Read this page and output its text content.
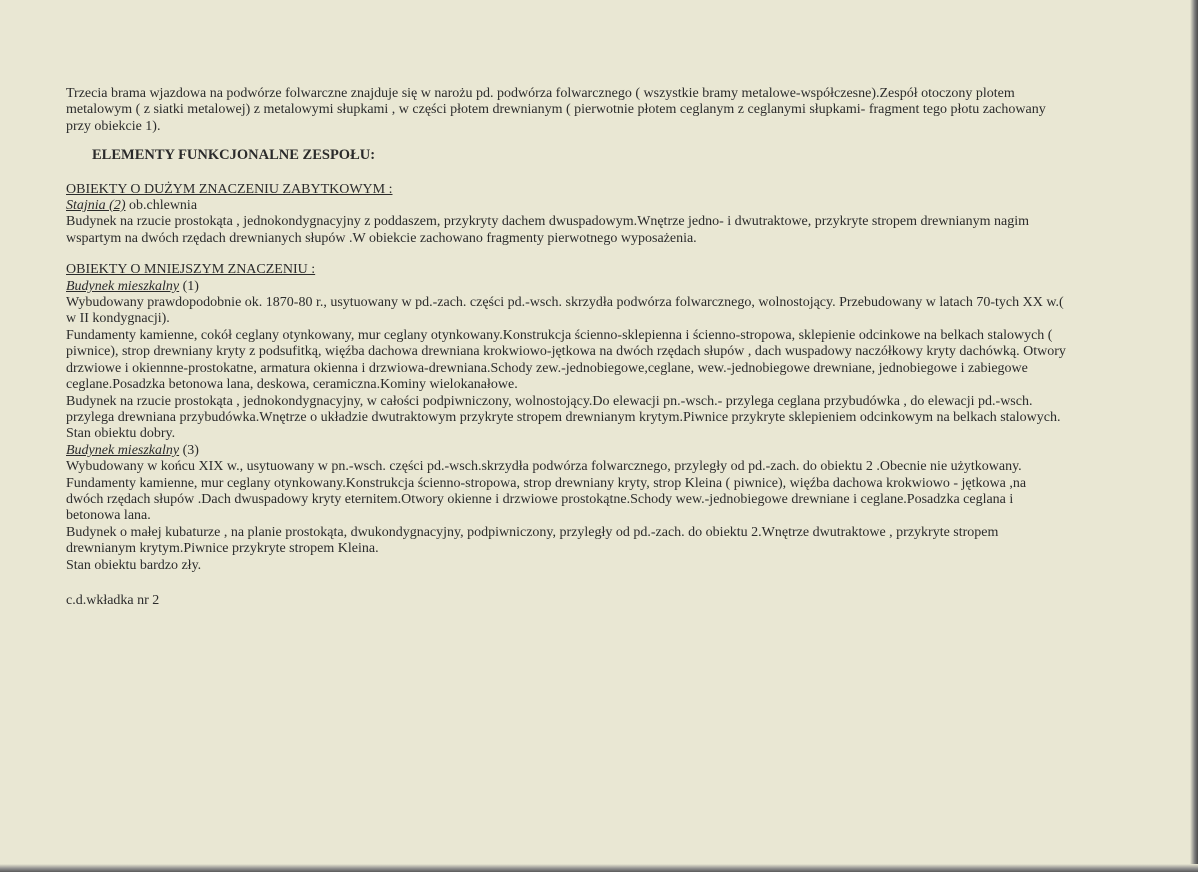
Trzecia brama wjazdowa na podwórze folwarczne znajduje się w narożu pd. podwórza folwarcznego ( wszystkie bramy metalowe-współczesne).Zespół otoczony plotem metalowym ( z siatki metalowej) z metalowymi słupkami , w części płotem drewnianym ( pierwotnie płotem ceglanym z ceglanymi słupkami- fragment tego płotu zachowany przy obiekcie 1).

ELEMENTY FUNKCJONALNE ZESPOŁU:

OBIEKTY O DUŻYM ZNACZENIU ZABYTKOWYM :

Stajnia (2) ob.chlewnia

Budynek na rzucie prostokąta , jednokondygnacyjny z poddaszem, przykryty dachem dwuspadowym.Wnętrze jedno- i dwutraktowe, przykryte stropem drewnianym nagim wspartym na dwóch rzędach drewnianych słupów .W obiekcie zachowano fragmenty pierwotnego wyposażenia.

OBIEKTY O MNIEJSZYM ZNACZENIU :

Budynek mieszkalny (1)

Wybudowany prawdopodobnie ok. 1870-80 r., usytuowany w pd.-zach. części pd.-wsch. skrzydła podwórza folwarcznego, wolnostojący. Przebudowany w latach 70-tych XX w.( w II kondygnacji).

Fundamenty kamienne, cokół ceglany otynkowany, mur ceglany otynkowany.Konstrukcja ścienno-sklepienna i ścienno-stropowa, sklepienie odcinkowe na belkach stalowych ( piwnice), strop drewniany kryty z podsufitką, więźba dachowa drewniana krokwiowo-jętkowa na dwóch rzędach słupów , dach wuspadowy naczółkowy kryty dachówką. Otwory drzwiowe i okiennne-prostokatne, armatura okienna i drzwiowa-drewniana.Schody zew.-jednobiegowe,ceglane, wew.-jednobiegowe drewniane, jednobiegowe i zabiegowe ceglane.Posadzka betonowa lana, deskowa, ceramiczna.Kominy wielokanałowe.

Budynek na rzucie prostokąta , jednokondygnacyjny, w całości podpiwniczony, wolnostojący.Do elewacji pn.-wsch.- przylega ceglana przybudówka , do elewacji pd.-wsch. przylega drewniana przybudówka.Wnętrze o układzie dwutraktowym przykryte stropem drewnianym krytym.Piwnice przykryte sklepieniem odcinkowym na belkach stalowych.

Stan obiektu dobry.

Budynek mieszkalny (3)

Wybudowany w końcu XIX w., usytuowany w pn.-wsch. części pd.-wsch.skrzydła podwórza folwarcznego, przyległy od pd.-zach. do obiektu 2 .Obecnie nie użytkowany.

Fundamenty kamienne, mur ceglany otynkowany.Konstrukcja ścienno-stropowa, strop drewniany kryty, strop Kleina ( piwnice), więźba dachowa krokwiowo - jętkowa ,na dwóch rzędach słupów .Dach dwuspadowy kryty eternitem.Otwory okienne i drzwiowe prostokątne.Schody wew.-jednobiegowe drewniane i ceglane.Posadzka ceglana i betonowa lana.

Budynek o małej kubaturze , na planie prostokąta, dwukondygnacyjny, podpiwniczony, przyległy od pd.-zach. do obiektu 2.Wnętrze dwutraktowe , przykryte stropem drewnianym krytym.Piwnice przykryte stropem Kleina.

Stan obiektu bardzo zły.

c.d.wkładka nr 2
